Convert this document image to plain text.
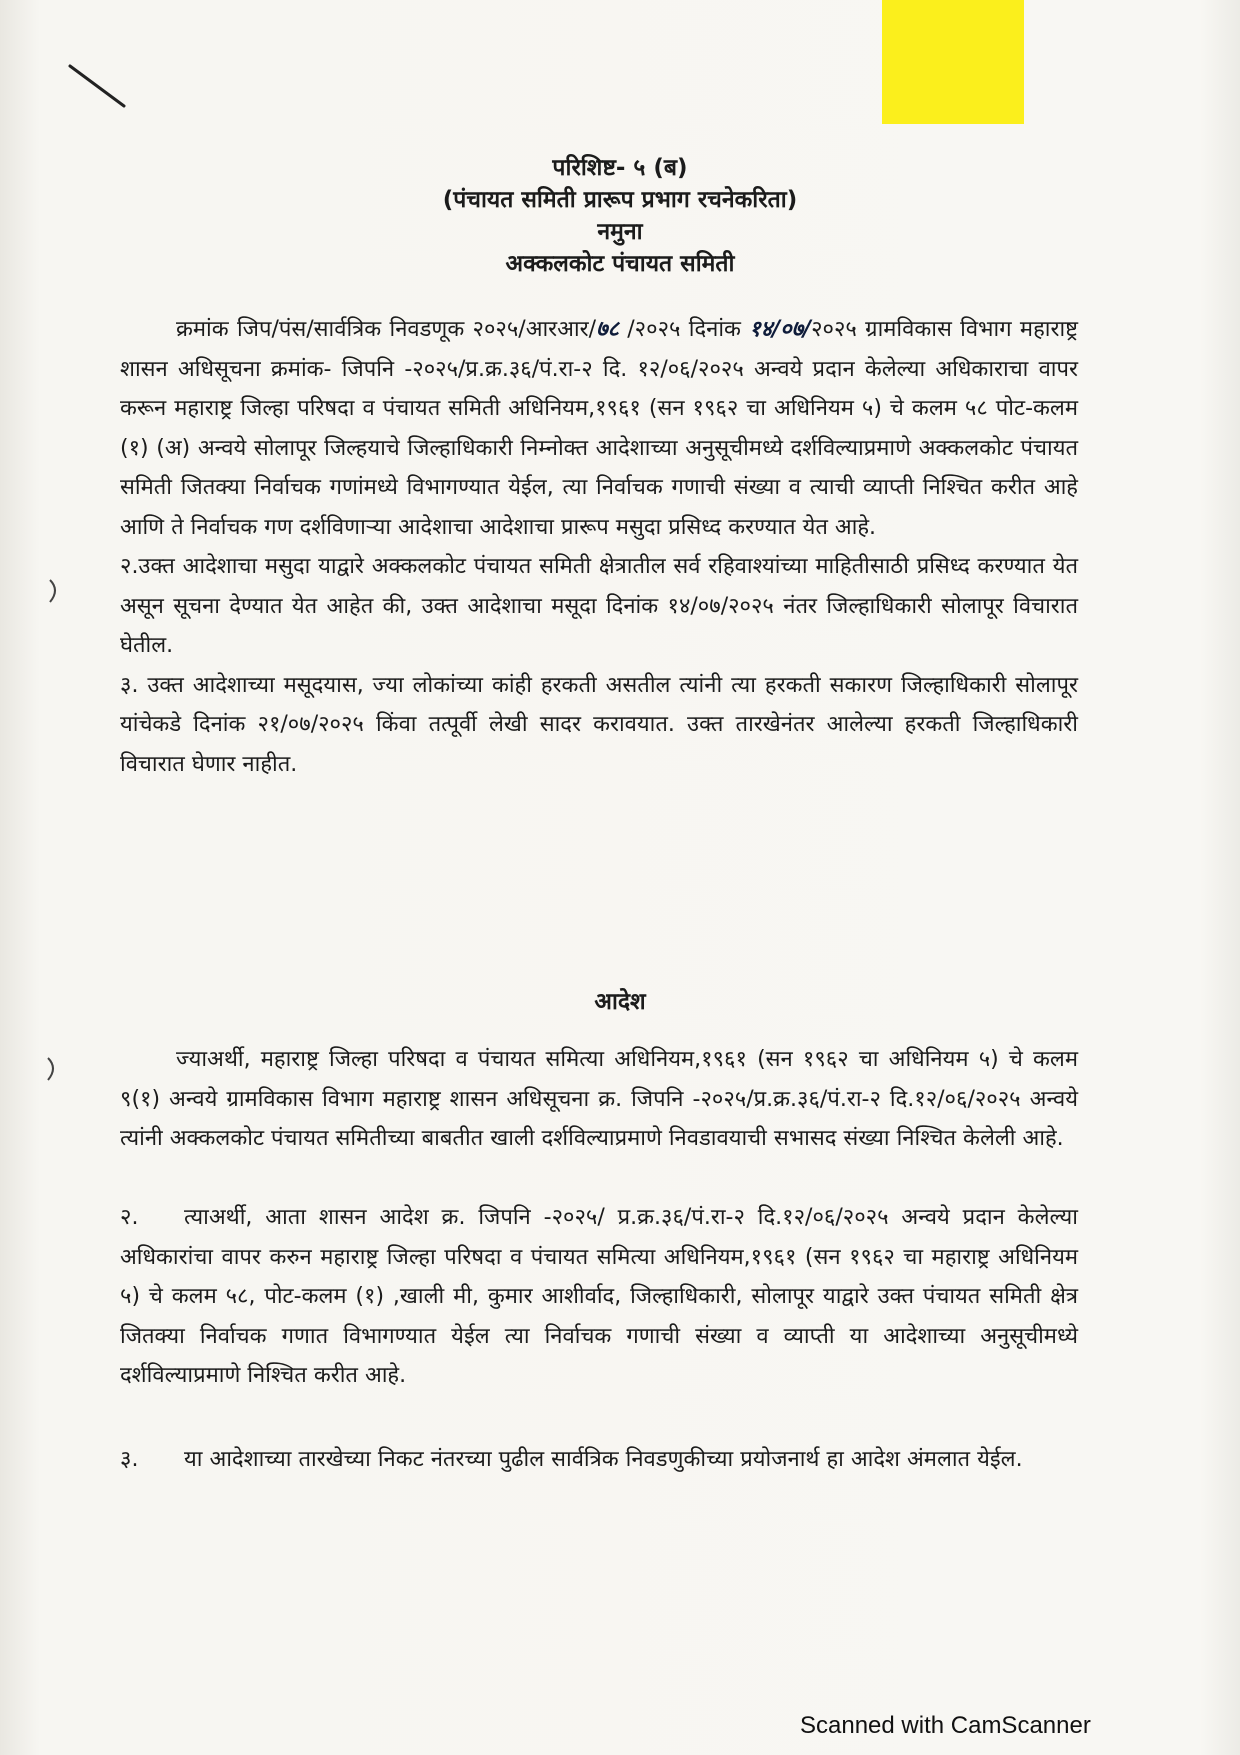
परिशिष्ट- ५ (ब)
(पंचायत समिती प्रारूप प्रभाग रचनेकरिता)
नमुना
अक्कलकोट पंचायत समिती
क्रमांक जिप/पंस/सार्वत्रिक निवडणूक २०२५/आरआर/७८ /२०२५ दिनांक १४/०७/२०२५ ग्रामविकास विभाग महाराष्ट्र शासन अधिसूचना क्रमांक- जिपनि -२०२५/प्र.क्र.३६/पं.रा-२ दि. १२/०६/२०२५ अन्वये प्रदान केलेल्या अधिकाराचा वापर करून महाराष्ट्र जिल्हा परिषदा व पंचायत समिती अधिनियम,१९६१ (सन १९६२ चा अधिनियम ५) चे कलम ५८ पोट-कलम (१) (अ) अन्वये सोलापूर जिल्हयाचे जिल्हाधिकारी निम्नोक्त आदेशाच्या अनुसूचीमध्ये दर्शविल्याप्रमाणे अक्कलकोट पंचायत समिती जितक्या निर्वाचक गणांमध्ये विभागण्यात येईल, त्या निर्वाचक गणाची संख्या व त्याची व्याप्ती निश्चित करीत आहे आणि ते निर्वाचक गण दर्शविणाऱ्या आदेशाचा आदेशाचा प्रारूप मसुदा प्रसिध्द करण्यात येत आहे.
२.उक्त आदेशाचा मसुदा याद्वारे अक्कलकोट पंचायत समिती क्षेत्रातील सर्व रहिवाश्यांच्या माहितीसाठी प्रसिध्द करण्यात येत असून सूचना देण्यात येत आहेत की, उक्त आदेशाचा मसूदा दिनांक १४/०७/२०२५ नंतर जिल्हाधिकारी सोलापूर विचारात घेतील.
३. उक्त आदेशाच्या मसूदयास, ज्या लोकांच्या कांही हरकती असतील त्यांनी त्या हरकती सकारण जिल्हाधिकारी सोलापूर यांचेकडे दिनांक २१/०७/२०२५ किंवा तत्पूर्वी लेखी सादर करावयात. उक्त तारखेनंतर आलेल्या हरकती जिल्हाधिकारी विचारात घेणार नाहीत.
आदेश
ज्याअर्थी, महाराष्ट्र जिल्हा परिषदा व पंचायत समित्या अधिनियम,१९६१ (सन १९६२ चा अधिनियम ५) चे कलम ९(१) अन्वये ग्रामविकास विभाग महाराष्ट्र शासन अधिसूचना क्र. जिपनि -२०२५/प्र.क्र.३६/पं.रा-२ दि.१२/०६/२०२५ अन्वये त्यांनी अक्कलकोट पंचायत समितीच्या बाबतीत खाली दर्शविल्याप्रमाणे निवडावयाची सभासद संख्या निश्चित केलेली आहे.
२. त्याअर्थी, आता शासन आदेश क्र. जिपनि -२०२५/ प्र.क्र.३६/पं.रा-२ दि.१२/०६/२०२५ अन्वये प्रदान केलेल्या अधिकारांचा वापर करुन महाराष्ट्र जिल्हा परिषदा व पंचायत समित्या अधिनियम,१९६१ (सन १९६२ चा महाराष्ट्र अधिनियम ५) चे कलम ५८, पोट-कलम (१) ,खाली मी, कुमार आशीर्वाद, जिल्हाधिकारी, सोलापूर याद्वारे उक्त पंचायत समिती क्षेत्र जितक्या निर्वाचक गणात विभागण्यात येईल त्या निर्वाचक गणाची संख्या व व्याप्ती या आदेशाच्या अनुसूचीमध्ये दर्शविल्याप्रमाणे निश्चित करीत आहे.
३. या आदेशाच्या तारखेच्या निकट नंतरच्या पुढील सार्वत्रिक निवडणुकीच्या प्रयोजनार्थ हा आदेश अंमलात येईल.
Scanned with CamScanner
